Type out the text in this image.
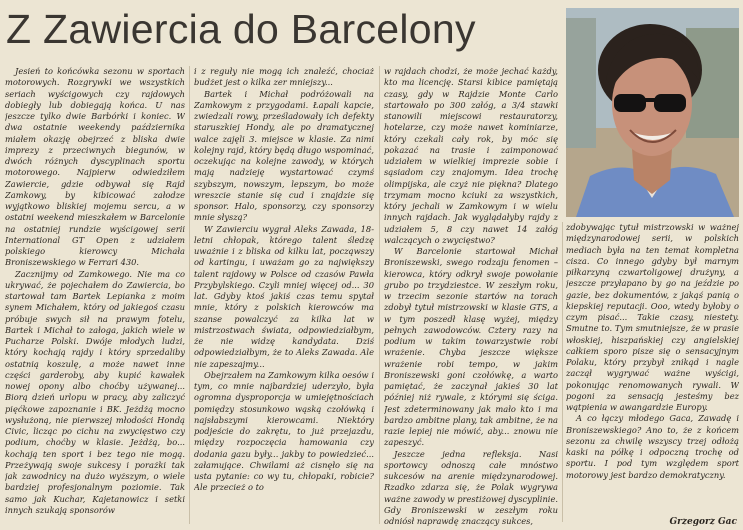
Z Zawiercia do Barcelony

Jesień to końcówka sezonu w sportach motorowych. Rozgrywki we wszystkich seriach wyścigowych czy rajdowych dobiegły lub dobiegają końca. U nas jeszcze tylko dwie Barbórki i koniec. W dwa ostatnie weekendy października miałem okazję obejrzeć z bliska dwie imprezy z przeciwnych biegunów, w dwóch różnych dyscyplinach sportu motorowego. Najpierw odwiedziłem Zawiercie, gdzie odbywał się Rajd Zamkowy, by kibicować załodze wyjątkowo bliskiej mojemu sercu, a w ostatni weekend mieszkałem w Barcelonie na ostatniej rundzie wyścigowej serii International GT Open z udziałem polskiego kierowcy Michała Broniszewskiego w Ferrari 430.

Zacznijmy od Zamkowego. Nie ma co ukrywać, że pojechałem do Zawiercia, bo startował tam Bartek Lepianka z moim synem Michałem, który od jakiegoś czasu próbuje swych sił na prawym fotelu, Bartek i Michał to załoga, jakich wiele w Pucharze Polski. Dwóje młodych ludzi, który kochają rajdy i który sprzedaliby ostatnią koszulę, a może nawet inne części garderoby, aby kupić kawałek nowej opony albo choćby używanej... Biorą dzień urlopu w pracy, aby zaliczyć pięćkowe zapoznanie i BK. Jeżdżą mocno wysłużoną, nie pierwszej młodości Hondą Civic, licząc po cichu na zwycięstwo czy podium, choćby w klasie. Jeżdżą, bo... kochają ten sport i bez tego nie mogą. Przeżywają swoje sukcesy i porażki tak jak zawodnicy na dużo wyższym, o wiele bardziej profesjonalnym poziomie. Tak samo jak Kuchar, Kajetanowicz i setki innych szukają sponsorów

i z reguły nie mogą ich znaleźć, chociaż budżet jest o kilka zer mniejszy...

Bartek i Michał podróżowali na Zamkowym z przygodami. Łapali kapcie, zwiedzali rowy, prześladowały ich defekty staruszkiej Hondy, ale po dramatycznej walce zajęli 3. miejsce w klasie. Za nimi kolejny rajd, który będą długo wspominać, oczekując na kolejne zawody, w których mają nadzieję wystartować czymś szybszym, nowszym, lepszym, bo może wreszcie stanie się cud i znajdzie się sponsor. Halo, sponsorzy, czy sponsorzy mnie słyszą?

W Zawierciu wygrał Aleks Zawada, 18-letni chłopak, którego talent śledzę uważnie i z bliska od kilku lat, począwszy od kartingu, i uważam go za największy talent rajdowy w Polsce od czasów Pawła Przybylskiego. Czyli mniej więcej od... 30 lat. Gdyby ktoś jakiś czas temu spytał mnie, który z polskich kierowców ma szanse powalczyć za kilka lat w mistrzostwach świata, odpowiedziałbym, że nie widzę kandydata. Dziś odpowiedziałbym, że to Aleks Zawada. Ale nie zapeszajmy...

Obejrzałem na Zamkowym kilka oesów i tym, co mnie najbardziej uderzyło, była ogromna dysproporcja w umiejętnościach pomiędzy stosunkowo wąską czołówką i najsłabszymi kierowcami. Niektóry podjeście do zakrętu, to już przejazdu, między rozpoczęcia hamowania czy dodania gazu były... jakby to powiedzieć... załamujące. Chwilami aż cisnęło się na usta pytanie: co wy tu, chłopaki, robicie? Ale przecież o to

w rajdach chodzi, że może jechać każdy, kto ma licencję. Starsi kibice pamiętają czasy, gdy w Rajdzie Monte Carlo startowało po 300 załóg, a 3/4 stawki stanowili miejscowi restauratorzy, hotelarze, czy może nawet kominiarze, który czekali cały rok, by móc się pokazać na trasie i zaimponować udziałem w wielkiej imprezie sobie i sąsiadom czy znajomym. Idea trochę olimpijska, ale czyż nie piękna? Dlatego trzymam mocno kciuki za wszystkich, który jechali w Zamkowym i w wielu innych rajdach. Jak wyglądałyby rajdy z udziałem 5, 8 czy nawet 14 załóg walczących o zwycięstwo?

W Barcelonie startował Michał Broniszewski, swego rodzaju fenomen – kierowca, który odkrył swoje powołanie grubo po trzydziestce. W zeszłym roku, w trzecim sezonie startów na torach zdobył tytuł mistrzowski w klasie GTS, a w tym poszedł klasę wyżej, między pełnych zawodowców. Cztery razy na podium w takim towarzystwie robi wrażenie. Chyba jeszcze większe wrażenie robi tempo, w jakim Broniszewski goni czołówkę, a warto pamiętać, że zaczynał jakieś 30 lat później niż rywale, z którymi się ściga. Jest zdeterminowany jak mało kto i ma bardzo ambitne plany, tak ambitne, że na razie lepiej nie mówić, aby... znowu nie zapeszyć.

Jeszcze jedna refleksja. Nasi sportowcy odnoszą całe mnóstwo sukcesów na arenie międzynarodowej. Rzadko zdarza się, że Polak wygrywa ważne zawody w prestiżowej dyscyplinie. Gdy Broniszewski w zeszłym roku odniósł naprawdę znaczący sukces,

zdobywając tytuł mistrzowski w ważnej międzynarodowej serii, w polskich mediach była na ten temat kompletna cisza. Co innego gdyby był marnym piłkarzyną czwartoligowej drużyny, a jeszcze przyłapano by go na jeździe po gazie, bez dokumentów, z jakąś panią o kiepskiej reputacji. Ooo, wtedy byłoby o czym pisać... Takie czasy, niestety. Smutne to. Tym smutniejsze, że w prasie włoskiej, hiszpańskiej czy angielskiej całkiem sporo pisze się o sensacyjnym Polaku, który przybył znikąd i nagle zaczął wygrywać ważne wyścigi, pokonując renomowanych rywali. W pogoni za sensacją jesteśmy bez wątpienia w awangardzie Europy.

A co łączy młodego Gaca, Zawadę i Broniszewskiego? Ano to, że z końcem sezonu za chwilę wszyscy trzej odłożą kaski na półkę i odpoczną trochę od sportu. I pod tym względem sport motorowy jest bardzo demokratyczny.

Grzegorz Gac
